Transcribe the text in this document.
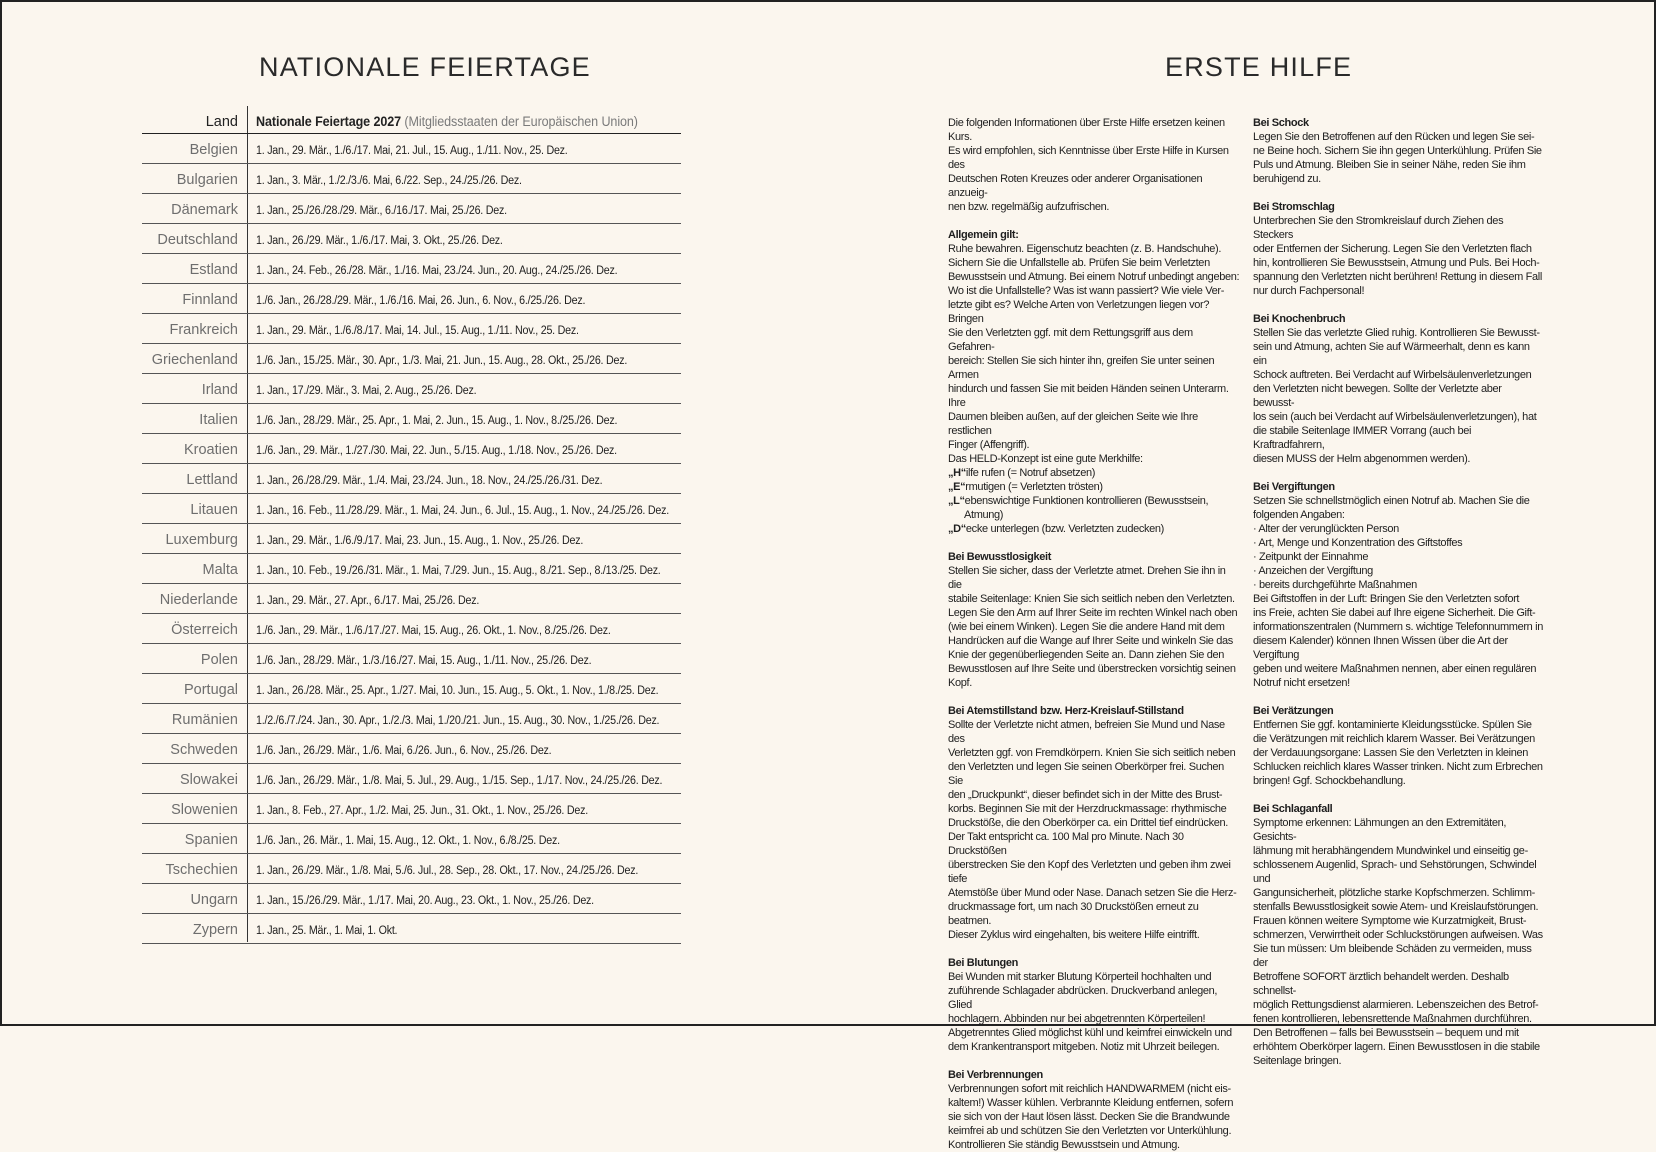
NATIONALE FEIERTAGE	ERSTE HILFE
Land Nationale Feiertage 2027 (Mitgliedsstaaten der Europäischen Union)
Belgien 1. Jan., 29. Mär., 1./6./17. Mai, 21. Jul., 15. Aug., 1./11. Nov., 25. Dez.
Bulgarien 1. Jan., 3. Mär., 1./2./3./6. Mai, 6./22. Sep., 24./25./26. Dez.
Dänemark 1. Jan., 25./26./28./29. Mär., 6./16./17. Mai, 25./26. Dez.
Deutschland 1. Jan., 26./29. Mär., 1./6./17. Mai, 3. Okt., 25./26. Dez.
Estland 1. Jan., 24. Feb., 26./28. Mär., 1./16. Mai, 23./24. Jun., 20. Aug., 24./25./26. Dez.
Finnland 1./6. Jan., 26./28./29. Mär., 1./6./16. Mai, 26. Jun., 6. Nov., 6./25./26. Dez.
Frankreich 1. Jan., 29. Mär., 1./6./8./17. Mai, 14. Jul., 15. Aug., 1./11. Nov., 25. Dez.
Griechenland 1./6. Jan., 15./25. Mär., 30. Apr., 1./3. Mai, 21. Jun., 15. Aug., 28. Okt., 25./26. Dez.
Irland 1. Jan., 17./29. Mär., 3. Mai, 2. Aug., 25./26. Dez.
Italien 1./6. Jan., 28./29. Mär., 25. Apr., 1. Mai, 2. Jun., 15. Aug., 1. Nov., 8./25./26. Dez.
Kroatien 1./6. Jan., 29. Mär., 1./27./30. Mai, 22. Jun., 5./15. Aug., 1./18. Nov., 25./26. Dez.
Lettland 1. Jan., 26./28./29. Mär., 1./4. Mai, 23./24. Jun., 18. Nov., 24./25./26./31. Dez.
Litauen 1. Jan., 16. Feb., 11./28./29. Mär., 1. Mai, 24. Jun., 6. Jul., 15. Aug., 1. Nov., 24./25./26. Dez.
Luxemburg 1. Jan., 29. Mär., 1./6./9./17. Mai, 23. Jun., 15. Aug., 1. Nov., 25./26. Dez.
Malta 1. Jan., 10. Feb., 19./26./31. Mär., 1. Mai, 7./29. Jun., 15. Aug., 8./21. Sep., 8./13./25. Dez.
Niederlande 1. Jan., 29. Mär., 27. Apr., 6./17. Mai, 25./26. Dez.
Österreich 1./6. Jan., 29. Mär., 1./6./17./27. Mai, 15. Aug., 26. Okt., 1. Nov., 8./25./26. Dez.
Polen 1./6. Jan., 28./29. Mär., 1./3./16./27. Mai, 15. Aug., 1./11. Nov., 25./26. Dez.
Portugal 1. Jan., 26./28. Mär., 25. Apr., 1./27. Mai, 10. Jun., 15. Aug., 5. Okt., 1. Nov., 1./8./25. Dez.
Rumänien 1./2./6./7./24. Jan., 30. Apr., 1./2./3. Mai, 1./20./21. Jun., 15. Aug., 30. Nov., 1./25./26. Dez.
Schweden 1./6. Jan., 26./29. Mär., 1./6. Mai, 6./26. Jun., 6. Nov., 25./26. Dez.
Slowakei 1./6. Jan., 26./29. Mär., 1./8. Mai, 5. Jul., 29. Aug., 1./15. Sep., 1./17. Nov., 24./25./26. Dez.
Slowenien 1. Jan., 8. Feb., 27. Apr., 1./2. Mai, 25. Jun., 31. Okt., 1. Nov., 25./26. Dez.
Spanien 1./6. Jan., 26. Mär., 1. Mai, 15. Aug., 12. Okt., 1. Nov., 6./8./25. Dez.
Tschechien 1. Jan., 26./29. Mär., 1./8. Mai, 5./6. Jul., 28. Sep., 28. Okt., 17. Nov., 24./25./26. Dez.
Ungarn 1. Jan., 15./26./29. Mär., 1./17. Mai, 20. Aug., 23. Okt., 1. Nov., 25./26. Dez.
Zypern 1. Jan., 25. Mär., 1. Mai, 1. Okt.

Die folgenden Informationen über Erste Hilfe ersetzen keinen Kurs.

Es wird empfohlen, sich Kenntnisse über Erste Hilfe in Kursen des

Deutschen Roten Kreuzes oder anderer Organisationen anzueig-

nen bzw. regelmäßig aufzufrischen.

Allgemein gilt:

Ruhe bewahren. Eigenschutz beachten (z. B. Handschuhe).

Sichern Sie die Unfallstelle ab. Prüfen Sie beim Verletzten

Bewusstsein und Atmung. Bei einem Notruf unbedingt angeben:

Wo ist die Unfallstelle? Was ist wann passiert? Wie viele Ver-

letzte gibt es? Welche Arten von Verletzungen liegen vor? Bringen

Sie den Verletzten ggf. mit dem Rettungsgriff aus dem Gefahren-

bereich: Stellen Sie sich hinter ihn, greifen Sie unter seinen Armen

hindurch und fassen Sie mit beiden Händen seinen Unterarm. Ihre

Daumen bleiben außen, auf der gleichen Seite wie Ihre restlichen

Finger (Affengriff).

Das HELD-Konzept ist eine gute Merkhilfe:

„H“ilfe rufen (= Notruf absetzen)

„E“rmutigen (= Verletzten trösten)

„L“ebenswichtige Funktionen kontrollieren (Bewusstsein,

Atmung)

„D“ecke unterlegen (bzw. Verletzten zudecken)

Bei Bewusstlosigkeit

Stellen Sie sicher, dass der Verletzte atmet. Drehen Sie ihn in die

stabile Seitenlage: Knien Sie sich seitlich neben den Verletzten.

Legen Sie den Arm auf Ihrer Seite im rechten Winkel nach oben

(wie bei einem Winken). Legen Sie die andere Hand mit dem

Handrücken auf die Wange auf Ihrer Seite und winkeln Sie das

Knie der gegenüberliegenden Seite an. Dann ziehen Sie den

Bewusstlosen auf Ihre Seite und überstrecken vorsichtig seinen

Kopf.

Bei Atemstillstand bzw. Herz-Kreislauf-Stillstand

Sollte der Verletzte nicht atmen, befreien Sie Mund und Nase des

Verletzten ggf. von Fremdkörpern. Knien Sie sich seitlich neben

den Verletzten und legen Sie seinen Oberkörper frei. Suchen Sie

den „Druckpunkt“, dieser befindet sich in der Mitte des Brust-

korbs. Beginnen Sie mit der Herzdruckmassage: rhythmische

Druckstöße, die den Oberkörper ca. ein Drittel tief eindrücken.

Der Takt entspricht ca. 100 Mal pro Minute. Nach 30 Druckstößen

überstrecken Sie den Kopf des Verletzten und geben ihm zwei tiefe

Atemstöße über Mund oder Nase. Danach setzen Sie die Herz-

druckmassage fort, um nach 30 Druckstößen erneut zu beatmen.

Dieser Zyklus wird eingehalten, bis weitere Hilfe eintrifft.

Bei Blutungen

Bei Wunden mit starker Blutung Körperteil hochhalten und

zuführende Schlagader abdrücken. Druckverband anlegen, Glied

hochlagern. Abbinden nur bei abgetrennten Körperteilen!

Abgetrenntes Glied möglichst kühl und keimfrei einwickeln und

dem Krankentransport mitgeben. Notiz mit Uhrzeit beilegen.

Bei Verbrennungen

Verbrennungen sofort mit reichlich HANDWARMEM (nicht eis-

kaltem!) Wasser kühlen. Verbrannte Kleidung entfernen, sofern

sie sich von der Haut lösen lässt. Decken Sie die Brandwunde

keimfrei ab und schützen Sie den Verletzten vor Unterkühlung.

Kontrollieren Sie ständig Bewusstsein und Atmung.

Bei Schock

Legen Sie den Betroffenen auf den Rücken und legen Sie sei-

ne Beine hoch. Sichern Sie ihn gegen Unterkühlung. Prüfen Sie

Puls und Atmung. Bleiben Sie in seiner Nähe, reden Sie ihm

beruhigend zu.

Bei Stromschlag

Unterbrechen Sie den Stromkreislauf durch Ziehen des Steckers

oder Entfernen der Sicherung. Legen Sie den Verletzten flach

hin, kontrollieren Sie Bewusstsein, Atmung und Puls. Bei Hoch-

spannung den Verletzten nicht berühren! Rettung in diesem Fall

nur durch Fachpersonal!

Bei Knochenbruch

Stellen Sie das verletzte Glied ruhig. Kontrollieren Sie Bewusst-

sein und Atmung, achten Sie auf Wärmeerhalt, denn es kann ein

Schock auftreten. Bei Verdacht auf Wirbelsäulenverletzungen

den Verletzten nicht bewegen. Sollte der Verletzte aber bewusst-

los sein (auch bei Verdacht auf Wirbelsäulenverletzungen), hat

die stabile Seitenlage IMMER Vorrang (auch bei Kraftradfahrern,

diesen MUSS der Helm abgenommen werden).

Bei Vergiftungen

Setzen Sie schnellstmöglich einen Notruf ab. Machen Sie die

folgenden Angaben:

· Alter der verunglückten Person

· Art, Menge und Konzentration des Giftstoffes

· Zeitpunkt der Einnahme

· Anzeichen der Vergiftung

· bereits durchgeführte Maßnahmen

Bei Giftstoffen in der Luft: Bringen Sie den Verletzten sofort

ins Freie, achten Sie dabei auf Ihre eigene Sicherheit. Die Gift-

informationszentralen (Nummern s. wichtige Telefonnummern in

diesem Kalender) können Ihnen Wissen über die Art der Vergiftung

geben und weitere Maßnahmen nennen, aber einen regulären

Notruf nicht ersetzen!

Bei Verätzungen

Entfernen Sie ggf. kontaminierte Kleidungsstücke. Spülen Sie

die Verätzungen mit reichlich klarem Wasser. Bei Verätzungen

der Verdauungsorgane: Lassen Sie den Verletzten in kleinen

Schlucken reichlich klares Wasser trinken. Nicht zum Erbrechen

bringen! Ggf. Schockbehandlung.

Bei Schlaganfall

Symptome erkennen: Lähmungen an den Extremitäten, Gesichts-

lähmung mit herabhängendem Mundwinkel und einseitig ge-

schlossenem Augenlid, Sprach- und Sehstörungen, Schwindel und

Gangunsicherheit, plötzliche starke Kopfschmerzen. Schlimm-

stenfalls Bewusstlosigkeit sowie Atem- und Kreislaufstörungen.

Frauen können weitere Symptome wie Kurzatmigkeit, Brust-

schmerzen, Verwirrtheit oder Schluckstörungen aufweisen. Was

Sie tun müssen: Um bleibende Schäden zu vermeiden, muss der

Betroffene SOFORT ärztlich behandelt werden. Deshalb schnellst-

möglich Rettungsdienst alarmieren. Lebenszeichen des Betrof-

fenen kontrollieren, lebensrettende Maßnahmen durchführen.

Den Betroffenen – falls bei Bewusstsein – bequem und mit

erhöhtem Oberkörper lagern. Einen Bewusstlosen in die stabile

Seitenlage bringen.
